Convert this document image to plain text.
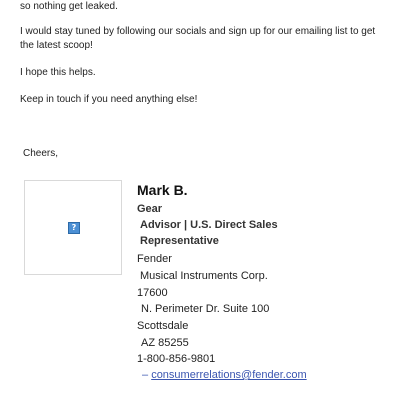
so nothing get leaked.
I would stay tuned by following our socials and sign up for our emailing list to get the latest scoop!
I hope this helps.
Keep in touch if you need anything else!
Cheers,
?
Mark B.
Gear
Advisor | U.S. Direct Sales
Representative
Fender
Musical Instruments Corp.
17600
N. Perimeter Dr. Suite 100
Scottsdale
AZ 85255
1-800-856-9801
– consumerrelations@fender.com
